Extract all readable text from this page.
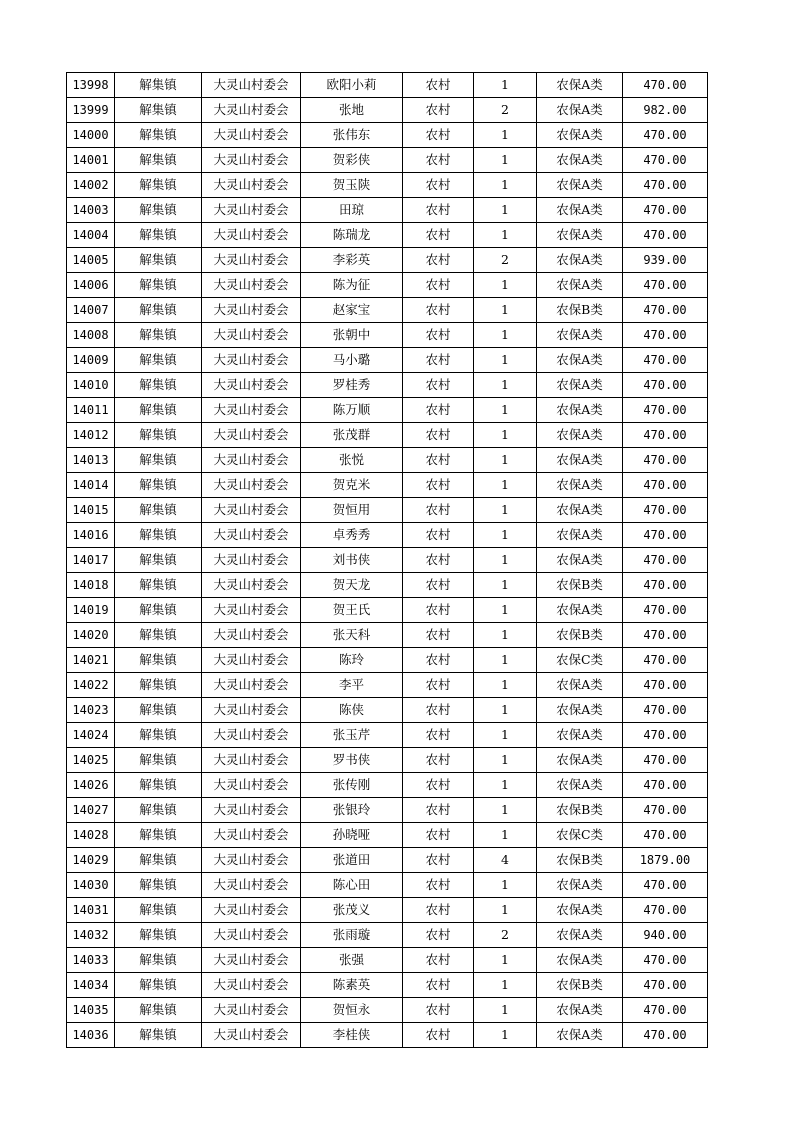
13998	解集镇	大灵山村委会	欧阳小莉	农村	1	农保A类	470.00
13999	解集镇	大灵山村委会	张地	农村	2	农保A类	982.00
14000	解集镇	大灵山村委会	张伟东	农村	1	农保A类	470.00
14001	解集镇	大灵山村委会	贺彩侠	农村	1	农保A类	470.00
14002	解集镇	大灵山村委会	贺玉陕	农村	1	农保A类	470.00
14003	解集镇	大灵山村委会	田琼	农村	1	农保A类	470.00
14004	解集镇	大灵山村委会	陈瑞龙	农村	1	农保A类	470.00
14005	解集镇	大灵山村委会	李彩英	农村	2	农保A类	939.00
14006	解集镇	大灵山村委会	陈为征	农村	1	农保A类	470.00
14007	解集镇	大灵山村委会	赵家宝	农村	1	农保B类	470.00
14008	解集镇	大灵山村委会	张朝中	农村	1	农保A类	470.00
14009	解集镇	大灵山村委会	马小璐	农村	1	农保A类	470.00
14010	解集镇	大灵山村委会	罗桂秀	农村	1	农保A类	470.00
14011	解集镇	大灵山村委会	陈万顺	农村	1	农保A类	470.00
14012	解集镇	大灵山村委会	张茂群	农村	1	农保A类	470.00
14013	解集镇	大灵山村委会	张悦	农村	1	农保A类	470.00
14014	解集镇	大灵山村委会	贺克米	农村	1	农保A类	470.00
14015	解集镇	大灵山村委会	贺恒用	农村	1	农保A类	470.00
14016	解集镇	大灵山村委会	卓秀秀	农村	1	农保A类	470.00
14017	解集镇	大灵山村委会	刘书侠	农村	1	农保A类	470.00
14018	解集镇	大灵山村委会	贺天龙	农村	1	农保B类	470.00
14019	解集镇	大灵山村委会	贺王氏	农村	1	农保A类	470.00
14020	解集镇	大灵山村委会	张天科	农村	1	农保B类	470.00
14021	解集镇	大灵山村委会	陈玲	农村	1	农保C类	470.00
14022	解集镇	大灵山村委会	李平	农村	1	农保A类	470.00
14023	解集镇	大灵山村委会	陈侠	农村	1	农保A类	470.00
14024	解集镇	大灵山村委会	张玉芹	农村	1	农保A类	470.00
14025	解集镇	大灵山村委会	罗书侠	农村	1	农保A类	470.00
14026	解集镇	大灵山村委会	张传刚	农村	1	农保A类	470.00
14027	解集镇	大灵山村委会	张银玲	农村	1	农保B类	470.00
14028	解集镇	大灵山村委会	孙晓哑	农村	1	农保C类	470.00
14029	解集镇	大灵山村委会	张道田	农村	4	农保B类	1879.00
14030	解集镇	大灵山村委会	陈心田	农村	1	农保A类	470.00
14031	解集镇	大灵山村委会	张茂义	农村	1	农保A类	470.00
14032	解集镇	大灵山村委会	张雨璇	农村	2	农保A类	940.00
14033	解集镇	大灵山村委会	张强	农村	1	农保A类	470.00
14034	解集镇	大灵山村委会	陈素英	农村	1	农保B类	470.00
14035	解集镇	大灵山村委会	贺恒永	农村	1	农保A类	470.00
14036	解集镇	大灵山村委会	李桂侠	农村	1	农保A类	470.00
